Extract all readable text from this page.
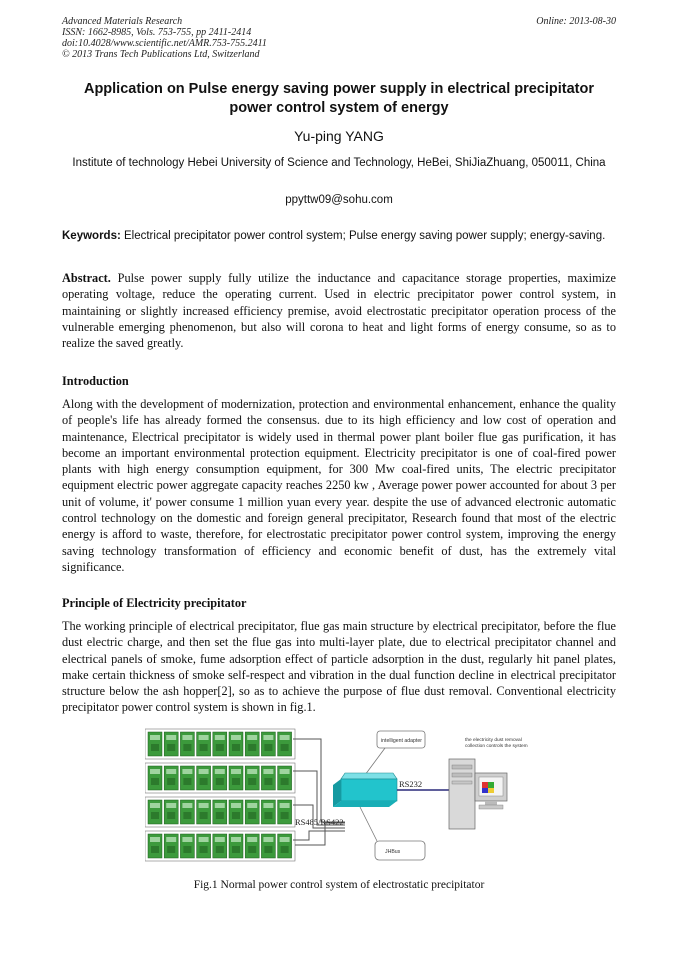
Advanced Materials Research
ISSN: 1662-8985, Vols. 753-755, pp 2411-2414
doi:10.4028/www.scientific.net/AMR.753-755.2411
© 2013 Trans Tech Publications Ltd, Switzerland
Online: 2013-08-30
Application on Pulse energy saving power supply in electrical precipitator power control system of energy
Yu-ping YANG
Institute of technology Hebei University of Science and Technology, HeBei, ShiJiaZhuang, 050011, China
ppyttw09@sohu.com
Keywords: Electrical precipitator power control system; Pulse energy saving power supply; energy-saving.
Abstract. Pulse power supply fully utilize the inductance and capacitance storage properties, maximize operating voltage, reduce the operating current. Used in electric precipitator power control system, in maintaining or slightly increased efficiency premise, avoid electrostatic precipitator operation process of the vulnerable emerging phenomenon, but also will corona to heat and light forms of energy consume, so as to realize the saved greatly.
Introduction
Along with the development of modernization, protection and environmental enhancement, enhance the quality of people's life has already formed the consensus. due to its high efficiency and low cost of operation and maintenance, Electrical precipitator is widely used in thermal power plant boiler flue gas purification, it has become an important environmental protection equipment. Electricity precipitator is one of coal-fired power plants with high energy consumption equipment, for 300 Mw coal-fired units, The electric precipitator equipment electric power aggregate capacity reaches 2250 kw , Average power power accounted for about 3 per unit of volume, it' power consume 1 million yuan every year. despite the use of advanced electronic automatic control technology on the domestic and foreign general precipitator, Research found that most of the electric energy is afford to waste, therefore, for electrostatic precipitator power control system, improving the energy saving technology transformation of efficiency and economic benefit of dust, has the extremely vital significance.
Principle of Electricity precipitator
The working principle of electrical precipitator, flue gas main structure by electrical precipitator, before the flue dust electric charge, and then set the flue gas into multi-layer plate, due to electrical precipitator channel and electrical panels of smoke, fume adsorption effect of particle adsorption in the dust, regularly hit panel plates, make certain thickness of smoke self-respect and vibration in the dual function decline in electrical precipitator structure below the ash hopper[2], so as to achieve the purpose of flue dust removal. Conventional electricity precipitator power control system is shown in fig.1.
intelligent adapter
RS232
the electricity dust removal
collection controls the system
RS485/RS422
JHBus
Fig.1 Normal power control system of electrostatic precipitator
